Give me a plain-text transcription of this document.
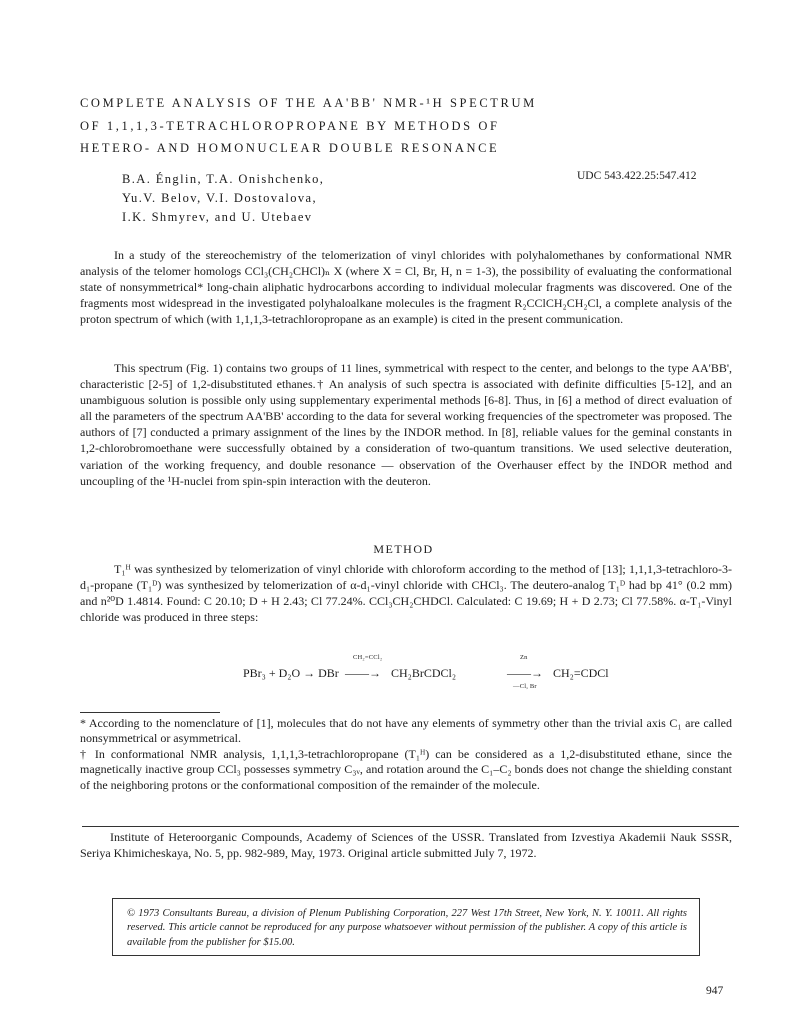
COMPLETE ANALYSIS OF THE AA'BB' NMR-¹H SPECTRUM
OF 1,1,1,3-TETRACHLOROPROPANE BY METHODS OF
HETERO- AND HOMONUCLEAR DOUBLE RESONANCE
B.A. Énglin, T.A. Onishchenko,
Yu.V. Belov, V.I. Dostovalova,
I.K. Shmyrev, and U. Utebaev
UDC 543.422.25:547.412

In a study of the stereochemistry of the telomerization of vinyl chlorides with polyhalomethanes by conformational NMR analysis of the telomer homologs CCl₃(CH₂CHCl)ₙ X (where X = Cl, Br, H, n = 1-3), the possibility of evaluating the conformational state of nonsymmetrical* long-chain aliphatic hydrocarbons according to individual molecular fragments was discovered. One of the fragments most widespread in the investigated polyhaloalkane molecules is the fragment R₂CClCH₂CH₂Cl, a complete analysis of the proton spectrum of which (with 1,1,1,3-tetrachloropropane as an example) is cited in the present communication.

This spectrum (Fig. 1) contains two groups of 11 lines, symmetrical with respect to the center, and belongs to the type AA'BB', characteristic [2-5] of 1,2-disubstituted ethanes.† An analysis of such spectra is associated with definite difficulties [5-12], and an unambiguous solution is possible only using supplementary experimental methods [6-8]. Thus, in [6] a method of direct evaluation of all the parameters of the spectrum AA'BB' according to the data for several working frequencies of the spectrometer was proposed. The authors of [7] conducted a primary assignment of the lines by the INDOR method. In [8], reliable values for the geminal constants in 1,2-chlorobromoethane were successfully obtained by a consideration of two-quantum transitions. We used selective deuteration, variation of the working frequency, and double resonance — observation of the Overhauser effect by the INDOR method and uncoupling of the ¹H-nuclei from spin-spin interaction with the deuteron.

METHOD

T₁ᴴ was synthesized by telomerization of vinyl chloride with chloroform according to the method of [13]; 1,1,1,3-tetrachloro-3-d₁-propane (T₁ᴰ) was synthesized by telomerization of α-d₁-vinyl chloride with CHCl₃. The deutero-analog T₁ᴰ had bp 41° (0.2 mm) and n²⁰D 1.4814. Found: C 20.10; D + H 2.43; Cl 77.24%. CCl₃CH₂CHDCl. Calculated: C 19.69; H + D 2.73; Cl 77.58%. α-T₁-Vinyl chloride was produced in three steps:

PBr₃ + D₂O → DBr
CH₂=CCl₂
——→ CH₂BrCDCl₂
Zn
——→
—Cl, Br
CH₂=CDCl

* According to the nomenclature of [1], molecules that do not have any elements of symmetry other than the trivial axis C₁ are called nonsymmetrical or asymmetrical.

† In conformational NMR analysis, 1,1,1,3-tetrachloropropane (T₁ᴴ) can be considered as a 1,2-disubstituted ethane, since the magnetically inactive group CCl₃ possesses symmetry C₃ᵥ, and rotation around the C₁–C₂ bonds does not change the shielding constant of the neighboring protons or the conformational composition of the remainder of the molecule.

Institute of Heteroorganic Compounds, Academy of Sciences of the USSR. Translated from Izvestiya Akademii Nauk SSSR, Seriya Khimicheskaya, No. 5, pp. 982-989, May, 1973. Original article submitted July 7, 1972.

© 1973 Consultants Bureau, a division of Plenum Publishing Corporation, 227 West 17th Street, New York, N. Y. 10011. All rights reserved. This article cannot be reproduced for any purpose whatsoever without permission of the publisher. A copy of this article is available from the publisher for $15.00.

947
